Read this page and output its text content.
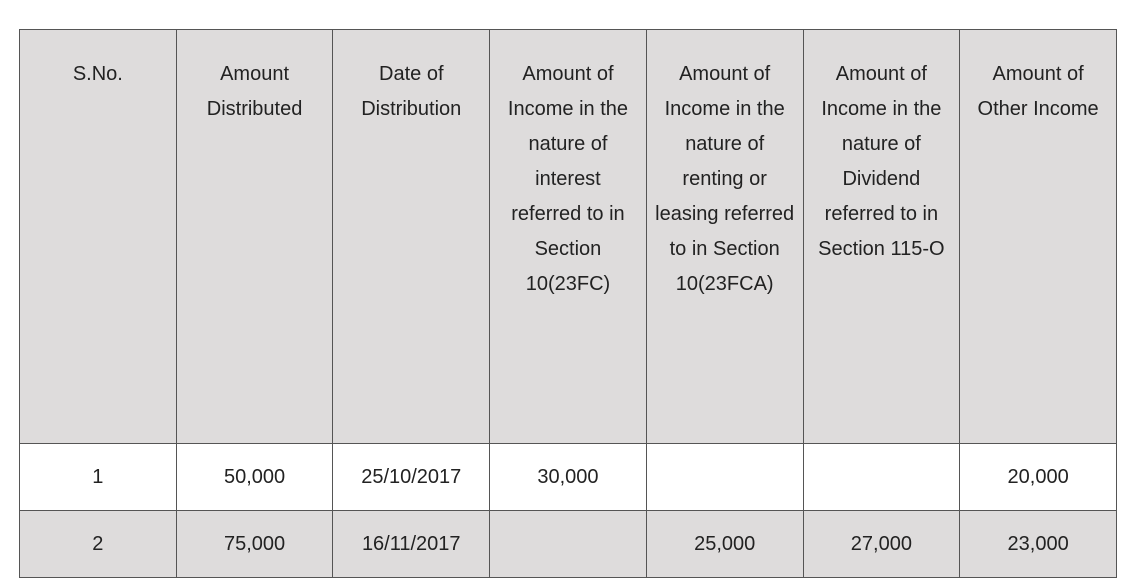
S.No.	Amount Distributed	Date of Distribution	Amount of Income in the nature of interest referred to in Section 10(23FC)	Amount of Income in the nature of renting or leasing referred to in Section 10(23FCA)	Amount of Income in the nature of Dividend referred to in Section 115-O	Amount of Other Income
1	50,000	25/10/2017	30,000			20,000
2	75,000	16/11/2017		25,000	27,000	23,000
